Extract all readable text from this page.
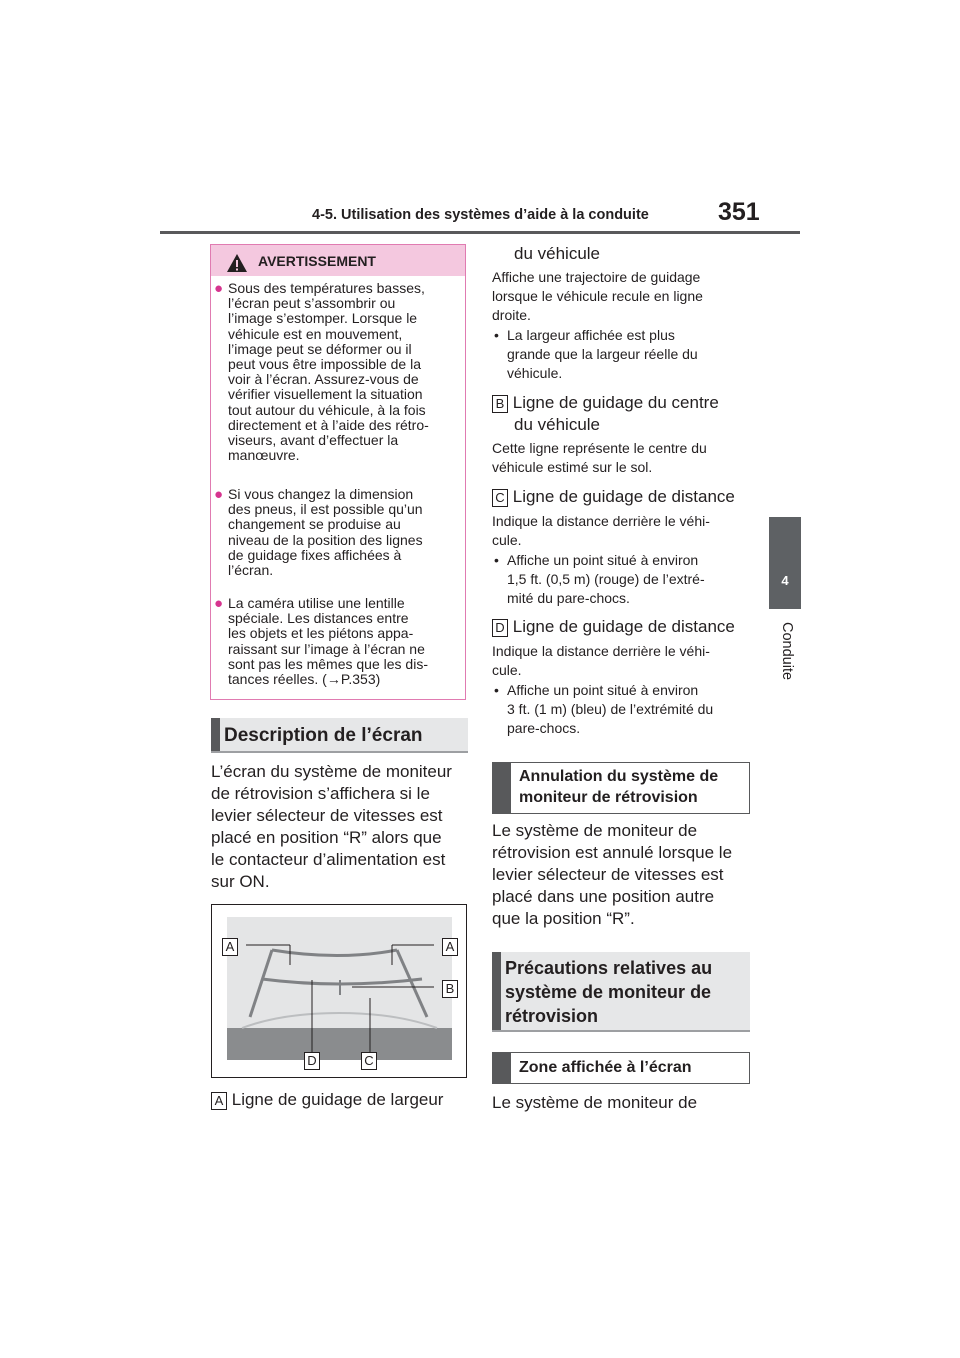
4-5. Utilisation des systèmes d’aide à la conduite	351
4
Conduite
AVERTISSEMENT
● Sous des températures basses,
l’écran peut s’assombrir ou
l’image s’estomper. Lorsque le
véhicule est en mouvement,
l’image peut se déformer ou il
peut vous être impossible de la
voir à l’écran. Assurez-vous de
vérifier visuellement la situation
tout autour du véhicule, à la fois
directement et à l’aide des rétro-
viseurs, avant d’effectuer la
manœuvre.
● Si vous changez la dimension
des pneus, il est possible qu’un
changement se produise au
niveau de la position des lignes
de guidage fixes affichées à
l’écran.
● La caméra utilise une lentille
spéciale. Les distances entre
les objets et les piétons appa-
raissant sur l’image à l’écran ne
sont pas les mêmes que les dis-
tances réelles. (→P.353)
Description de l’écran
L’écran du système de moniteur
de rétrovision s’affichera si le
levier sélecteur de vitesses est
placé en position “R” alors que
le contacteur d’alimentation est
sur ON.
A	A
B
D	C
A Ligne de guidage de largeur
du véhicule
Affiche une trajectoire de guidage
lorsque le véhicule recule en ligne
droite.
• La largeur affichée est plus
grande que la largeur réelle du
véhicule.
B Ligne de guidage du centre
du véhicule
Cette ligne représente le centre du
véhicule estimé sur le sol.
C Ligne de guidage de distance
Indique la distance derrière le véhi-
cule.
• Affiche un point situé à environ
1,5 ft. (0,5 m) (rouge) de l’extré-
mité du pare-chocs.
D Ligne de guidage de distance
Indique la distance derrière le véhi-
cule.
• Affiche un point situé à environ
3 ft. (1 m) (bleu) de l’extrémité du
pare-chocs.
Annulation du système de
moniteur de rétrovision
Le système de moniteur de
rétrovision est annulé lorsque le
levier sélecteur de vitesses est
placé dans une position autre
que la position “R”.
Précautions relatives au
système de moniteur de
rétrovision
Zone affichée à l’écran
Le système de moniteur de
